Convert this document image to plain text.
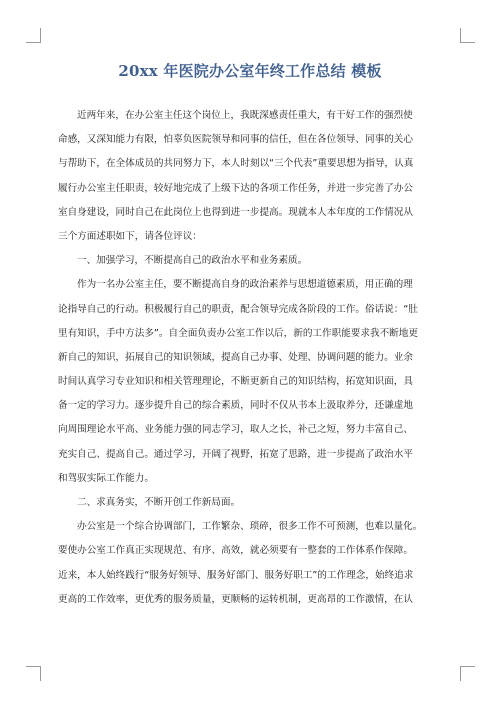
20xx 年医院办公室年终工作总结 模板
近两年来，在办公室主任这个岗位上，我既深感责任重大，有干好工作的强烈使
命感，又深知能力有限，怕辜负医院领导和同事的信任，但在各位领导、同事的关心
与帮助下，在全体成员的共同努力下，本人时刻以“三个代表”重要思想为指导，认真
履行办公室主任职责，较好地完成了上级下达的各项工作任务，并进一步完善了办公
室自身建设，同时自己在此岗位上也得到进一步提高。现就本人本年度的工作情况从
三个方面述职如下，请各位评议：
一、加强学习，不断提高自己的政治水平和业务素质。
作为一名办公室主任，要不断提高自身的政治素养与思想道德素质，用正确的理
论指导自己的行动。积极履行自己的职责，配合领导完成各阶段的工作。俗话说：“肚
里有知识，手中方法多”。自全面负责办公室工作以后，新的工作职能要求我不断地更
新自己的知识，拓展自己的知识领域，提高自己办事、处理、协调问题的能力。业余
时间认真学习专业知识和相关管理理论，不断更新自己的知识结构，拓宽知识面，具
备一定的学习力。逐步提升自己的综合素质，同时不仅从书本上汲取养分，还谦虚地
向周围理论水平高、业务能力强的同志学习，取人之长，补己之短，努力丰富自己、
充实自己、提高自己。通过学习，开阔了视野，拓宽了思路，进一步提高了政治水平
和驾驭实际工作能力。
二、求真务实，不断开创工作新局面。
办公室是一个综合协调部门，工作繁杂、琐碎，很多工作不可预测，也难以量化。
要使办公室工作真正实现规范、有序、高效，就必须要有一整套的工作体系作保障。
近来，本人始终践行“服务好领导、服务好部门、服务好职工”的工作理念，始终追求
更高的工作效率，更优秀的服务质量，更顺畅的运转机制，更高昂的工作激情，在认
